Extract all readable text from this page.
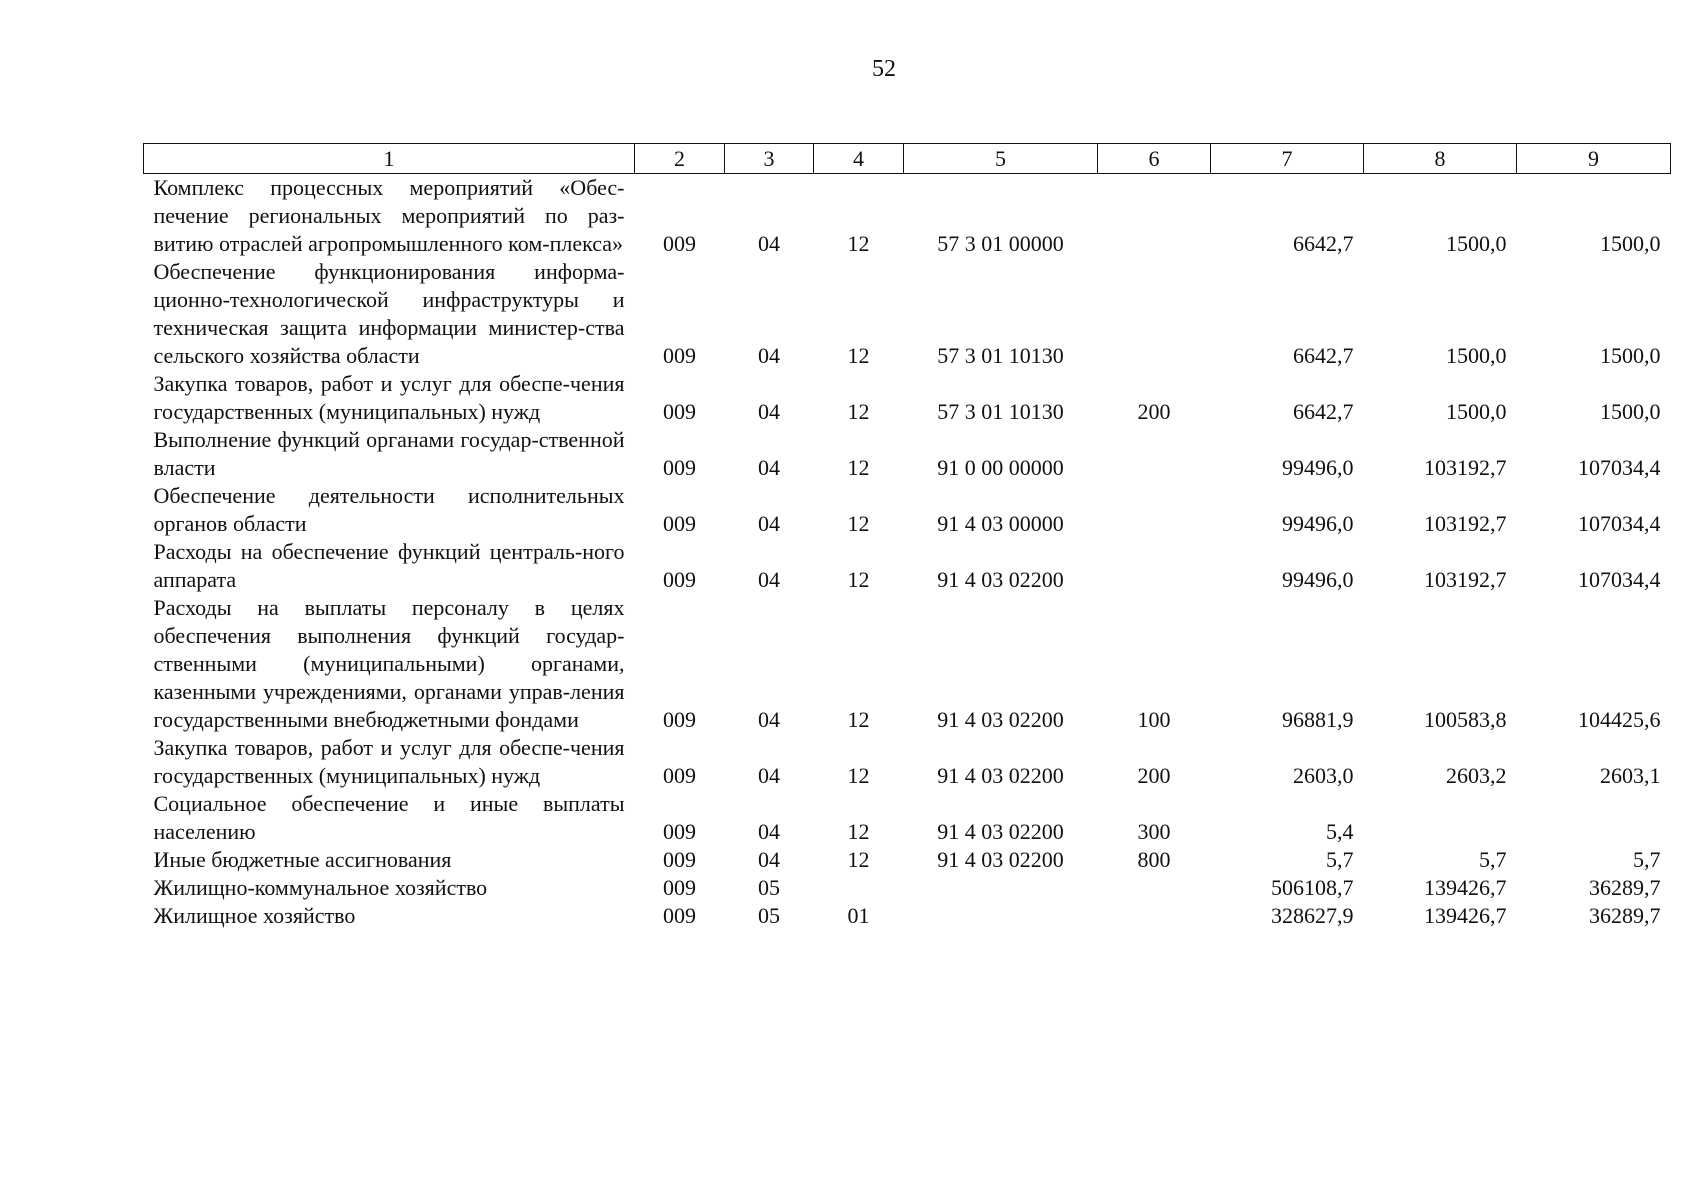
52
1	2	3	4	5	6	7	8	9
Комплекс процессных мероприятий «Обес-печение региональных мероприятий по раз-витию отраслей агропромышленного ком-плекса»	009	04	12	57 3 01 00000		6642,7	1500,0	1500,0
Обеспечение функционирования информа-ционно-технологической инфраструктуры и техническая защита информации министер-ства сельского хозяйства области	009	04	12	57 3 01 10130		6642,7	1500,0	1500,0
Закупка товаров, работ и услуг для обеспе-чения государственных (муниципальных) нужд	009	04	12	57 3 01 10130	200	6642,7	1500,0	1500,0
Выполнение функций органами государ-ственной власти	009	04	12	91 0 00 00000		99496,0	103192,7	107034,4
Обеспечение деятельности исполнительных органов области	009	04	12	91 4 03 00000		99496,0	103192,7	107034,4
Расходы на обеспечение функций централь-ного аппарата	009	04	12	91 4 03 02200		99496,0	103192,7	107034,4
Расходы на выплаты персоналу в целях обеспечения выполнения функций государ-ственными (муниципальными) органами, казенными учреждениями, органами управ-ления государственными внебюджетными фондами	009	04	12	91 4 03 02200	100	96881,9	100583,8	104425,6
Закупка товаров, работ и услуг для обеспе-чения государственных (муниципальных) нужд	009	04	12	91 4 03 02200	200	2603,0	2603,2	2603,1
Социальное обеспечение и иные выплаты населению	009	04	12	91 4 03 02200	300	5,4		
Иные бюджетные ассигнования	009	04	12	91 4 03 02200	800	5,7	5,7	5,7
Жилищно-коммунальное хозяйство	009	05				506108,7	139426,7	36289,7
Жилищное хозяйство	009	05	01			328627,9	139426,7	36289,7
